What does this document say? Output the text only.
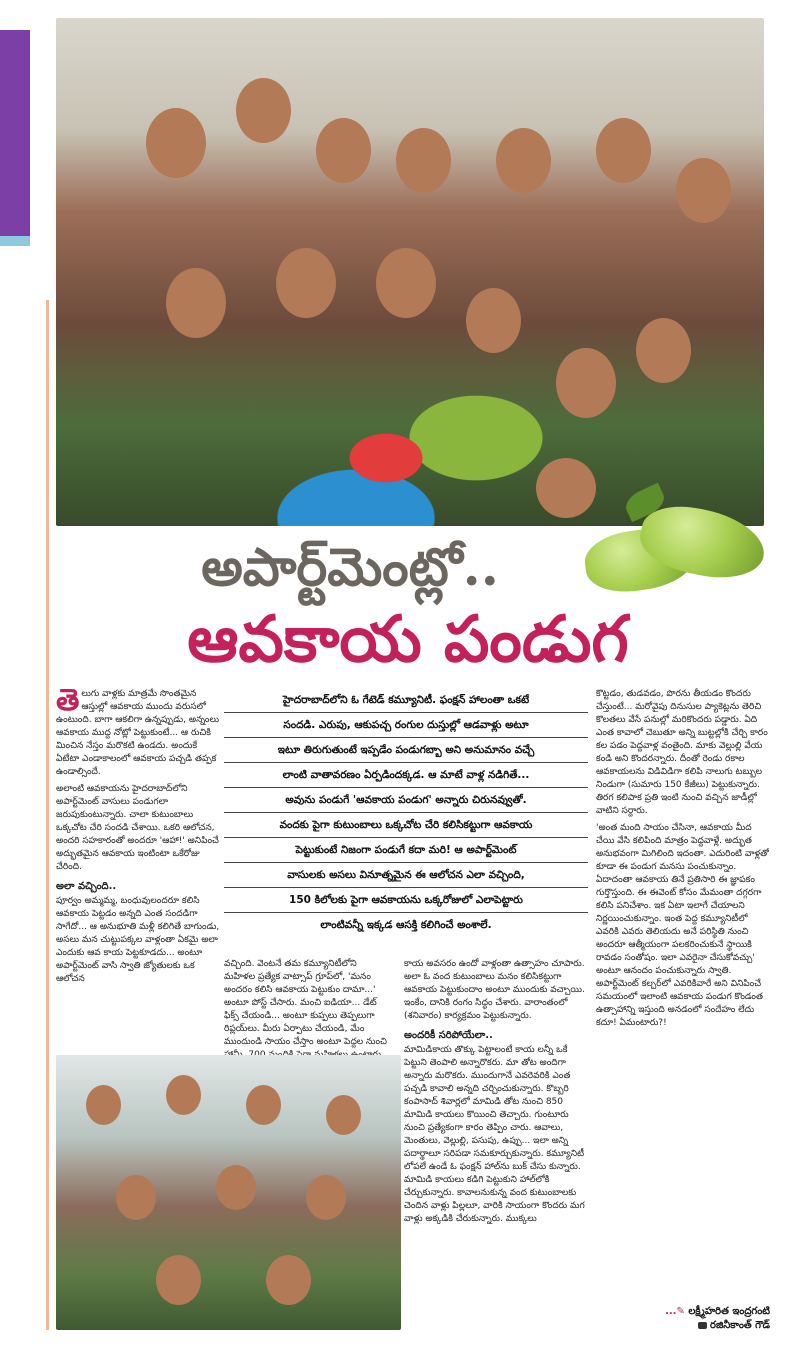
అపార్ట్‌మెంట్లో..
ఆవకాయ పండుగ

తెలుగు వాళ్లకు మాత్రమే సొంతమైన ఆస్తుల్లో ఆవకాయ ముందు వరుసలో ఉంటుంది. బాగా ఆకలిగా ఉన్నప్పుడు, అన్నంలు ఆవకాయ ముద్ద నోట్లో పెట్టుకుంటే... ఆ రుచికి మించిన నేస్తం మరొకటి ఉండదు. అందుకే ఏటేటా ఎండాకాలంలో ఆవకాయ పచ్చడి తప్పక ఉండాల్సిందే.

అలాంటి ఆవకాయను హైదరాబాద్‌లోని అపార్ట్‌మెంట్ వాసులు పండుగలా జరుపుకుంటున్నారు. చాలా కుటుంబాలు ఒక్కచోట చేరి సందడి చేశాయి. ఒకరి ఆలోచన, అందరి సహకారంతో అందరూ 'ఆహా!' అనిపించే అద్భుతమైన ఆవకాయ ఇంటింటా ఒకేరోజు చేరింది.

అలా వచ్చింది..

పూర్వం అమ్మమ్మ, బంధువులందరూ కలిసి ఆవకాయ పెట్టడం అన్నది ఎంత సందడిగా సాగేదో... ఆ అనుభూతి మళ్లీ కలిగితే బాగుండు, అసలు మన చుట్టుపక్కల వాళ్లంతా ఏకమై అలా ఎందుకు ఆవ కాయ పెట్టకూడదు... అంటూ అపార్ట్‌మెంట్ వాసి స్వాతి జ్యోతులకు ఒక ఆలోచన

హైదరాబాద్‌లోని ఓ గేటెడ్ కమ్యూనిటీ. ఫంక్షన్ హాలంతా ఒకటే
సందడి. ఎరుపు, ఆకుపచ్చ రంగుల దుస్తుల్లో ఆడవాళ్లు అటూ
ఇటూ తిరుగుతుంటే ఇప్పడేం పండుగబ్బా అని అనుమానం వచ్చే
లాంటి వాతావరణం ఏర్పడిందక్కడ. ఆ మాటే వాళ్ల నడిగితే...
అవును పండుగే 'ఆవకాయ పండుగ' అన్నారు చిరునవ్వుతో.
వందకు పైగా కుటుంబాలు ఒక్కచోట చేరి కలిసికట్టుగా ఆవకాయ
పెట్టుకుంటే నిజంగా పండుగే కదా మరి! ఆ అపార్ట్‌మెంట్
వాసులకు అసలు వినూత్నమైన ఈ ఆలోచన ఎలా వచ్చింది,
150 కిలోలకు పైగా ఆవకాయను ఒక్కరోజులో ఎలాపెట్టారు
లాంటివన్నీ ఇక్కడ ఆసక్తి కలిగించే అంశాలే.

వచ్చింది. వెంటనే తమ కమ్యూనిటీలోని మహిళల ప్రత్యేక వాట్సాప్ గ్రూప్‌లో, 'మనం అందరం కలిసి ఆవకాయ పెట్టుకుం దామా...' అంటూ పోస్ట్ చేసారు. మంచి ఐడియా... డేట్ ఫిక్స్ చేయండి... అంటూ కుప్పలు తెప్పలుగా రిప్లయ్‌లు. మీరు ఏర్పాటు చేయండి, మేం ముందుండి సాయం చేస్తాం అంటూ పెద్దల నుంచి

కాయ అవసరం ఉందో వాళ్లంతా ఉత్సాహం చూపారు. అలా ఓ వంద కుటుంబాలు మనం కలిసికట్టుగా ఆవకాయ పెట్టుకుందాం అంటూ ముందుకు వచ్చాయి. ఇంకేం, దానికి రంగం సిద్ధం చేశారు. వారాంతంలో (శనివారం) కార్యక్రమం పెట్టుకున్నారు.

అందరికీ సరిపోయేలా..

మామిడికాయ తొక్కు పెట్టాలంటే కాయ లన్నీ ఒకే పెట్టుని తెంపాలి అన్నారొకరు. మా తోట అందిగా అన్నారు మరొకరు. ముందుగానే ఎవరెవరికి ఎంత పచ్చడి కావాలి అన్నది చర్చించుకున్నారు. కొబ్బరి కంపాసాద్ శివార్లలో మామిడి తోట నుంచి 850 మామిడి కాయలు కొయించి తెచ్చారు. గుంటూరు నుంచి ప్రత్యేకంగా కారం తెప్పిం చారు. ఆవాలు, మెంతులు, వెల్లుల్లి, పసుపు, ఉప్పు... ఇలా అన్ని పదార్థాలూ సరిపడా సమకూర్చుకున్నారు. కమ్యూనిటీ లోపలే ఉండే ఓ ఫంక్షన్ హాల్‌ను బుక్ చేసు కున్నారు. మామిడి కాయలు కడిగి పెట్టుకుని హాల్‌లోకి చేర్చుకున్నారు. కావాలనుకున్న వంద కుటుంబాలకు చెందిన వాళ్లు పిల్లలూ, వారికి సాయంగా కొందరు మగ వాళ్లు అక్కడికి చేరుకున్నారు. ముక్కలు

కొట్టడం, తుడవడం, పొరను తీయడం కొందరు చేస్తుంటే... మరోవైపు దినుసుల ప్యాకెట్లను తెరిచి కొలతలు వేసే పనుల్లో మరికొందరు పడ్డారు. ఏది ఎంత కావాలో చెబుతూ అన్ని బుట్టల్లోకి చేర్చి కారం కల పడం పెద్దవాళ్ల వంతైంది. మాకు వెల్లుల్లి వేయ కండి అని కొందరన్నారు. దీంతో రెండు రకాల ఆవకాయలను విడివిడిగా కలిపి నాలుగు టబ్బుల నిండుగా (సుమారు 150 కేజీలు) పెట్టుకున్నారు. తిరగ కలిపాక ప్రతి ఇంటి నుంచి వచ్చిన జాడీల్లో వాటిని సర్దారు.

'అంత మంది సాయం చేసినా, ఆవకాయ మీద చేయి వేసి కలిపింది మాత్రం పెద్దవాళ్లే. అద్భుత అనుభవంగా మిగిలింది ఇదంతా. ఎదురింటి వాళ్లతో కూడా ఈ పండుగ మనసు పంచుకున్నాం. ఏదాదంతా ఆవకాయ తినే ప్రతిసారి ఈ జ్ఞాపకం గుర్తొస్తుంది. ఈ ఈవెంట్ కోసం మేమంతా దగ్గరగా కలిసి పనిచేశాం. ఇక ఏటా ఇలాగే చేయాలని నిర్ణయించుకున్నాం. ఇంత పెద్ద కమ్యూనిటీలో ఎవరికి ఎవరు తెలియదు అనే పరిస్థితి నుంచి అందరూ ఆత్మీయంగా పలకరించుకునే స్థాయికి రావడం సంతోషం. ఇలా ఎవరైనా చేసుకోవచ్చు' అంటూ ఆనందం పంచుకున్నారు స్వాతి. అపార్ట్‌మెంట్ కల్చర్‌లో ఎవరికివారే అని వినిపించే సమయంలో ఇలాంటి ఆవకాయ పండుగ కొండంత ఉత్సాహాన్ని ఇస్తుంది అనడంలో సందేహం లేదు కదూ! ఏమంటారు?!

...✎ లక్ష్మీహరిత ఇంద్రగంటి
రజినీకాంత్ గౌడ్
